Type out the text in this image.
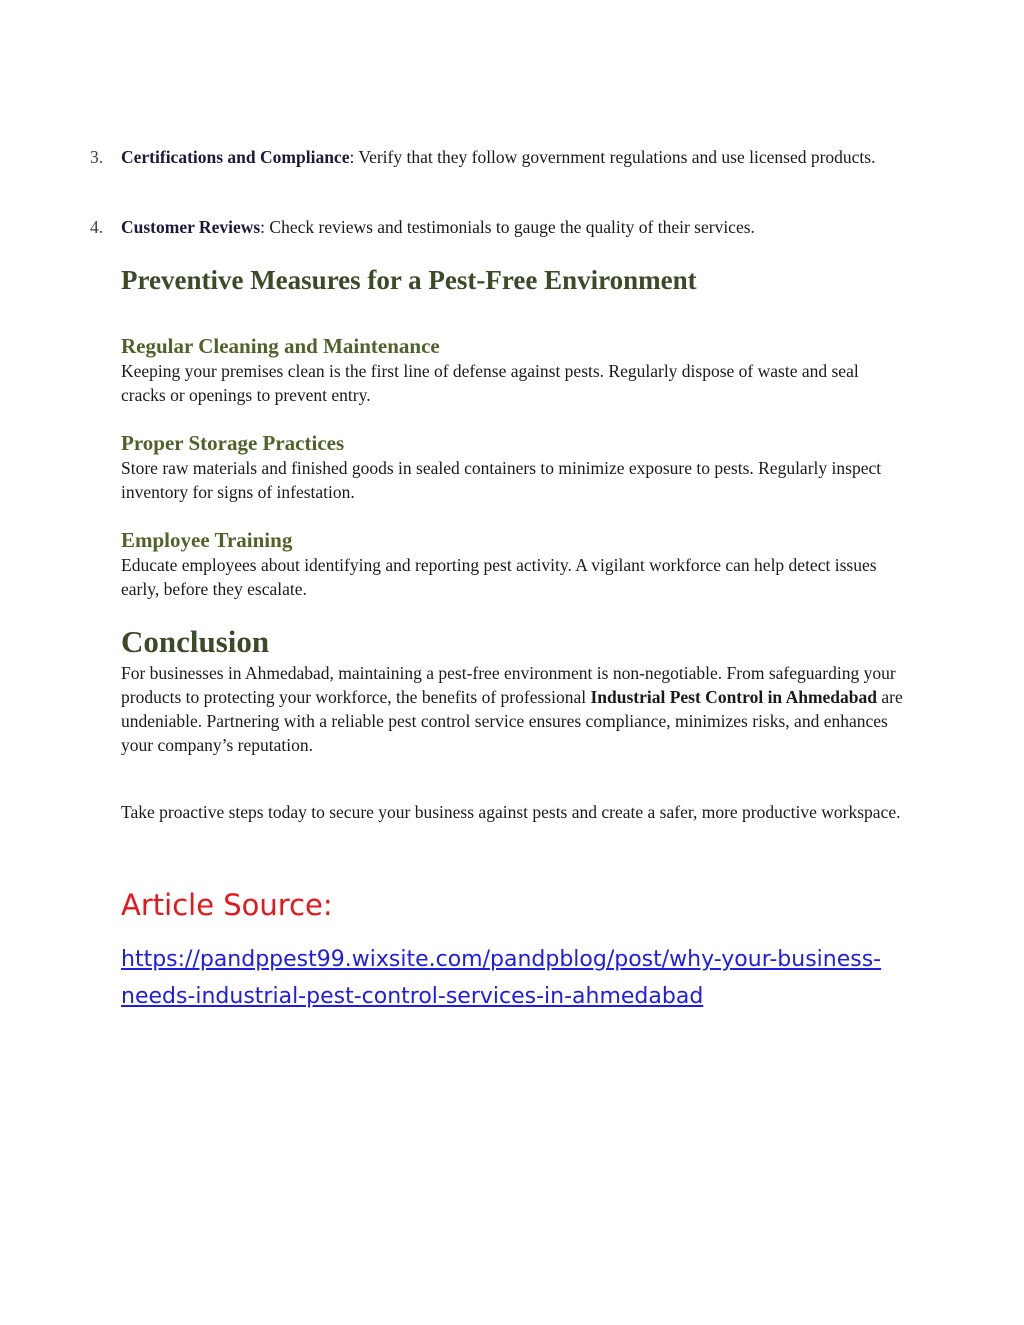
3. Certifications and Compliance: Verify that they follow government regulations and use licensed products.
4. Customer Reviews: Check reviews and testimonials to gauge the quality of their services.
Preventive Measures for a Pest-Free Environment
Regular Cleaning and Maintenance
Keeping your premises clean is the first line of defense against pests. Regularly dispose of waste and seal cracks or openings to prevent entry.
Proper Storage Practices
Store raw materials and finished goods in sealed containers to minimize exposure to pests. Regularly inspect inventory for signs of infestation.
Employee Training
Educate employees about identifying and reporting pest activity. A vigilant workforce can help detect issues early, before they escalate.
Conclusion
For businesses in Ahmedabad, maintaining a pest-free environment is non-negotiable. From safeguarding your products to protecting your workforce, the benefits of professional Industrial Pest Control in Ahmedabad are undeniable. Partnering with a reliable pest control service ensures compliance, minimizes risks, and enhances your company’s reputation.
Take proactive steps today to secure your business against pests and create a safer, more productive workspace.
Article Source:
https://pandppest99.wixsite.com/pandpblog/post/why-your-business-
needs-industrial-pest-control-services-in-ahmedabad
